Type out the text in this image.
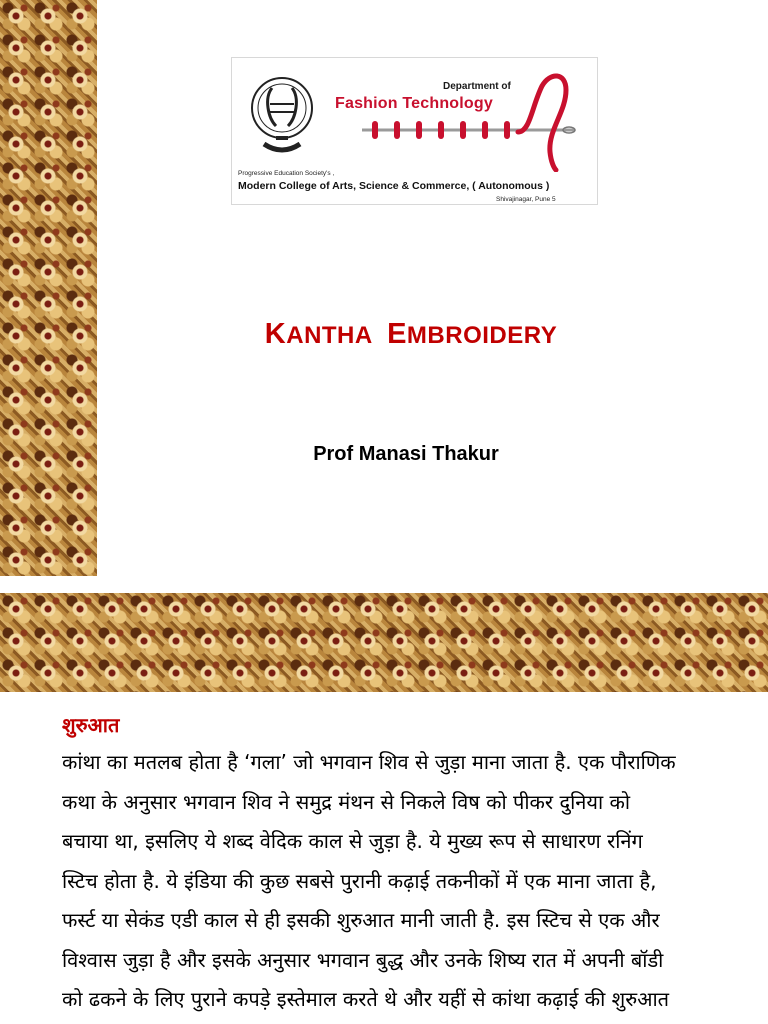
Department of
Fashion Technology
Progressive Education Society's ,
Modern College of Arts, Science & Commerce, ( Autonomous )
Shivajinagar, Pune 5
KANTHA EMBROIDERY
Prof Manasi Thakur
शुरुआत

कांथा का मतलब होता है ‘गला’ जो भगवान शिव से जुड़ा माना जाता है. एक पौराणिक
कथा के अनुसार भगवान शिव ने समुद्र मंथन से निकले विष को पीकर दुनिया को
बचाया था, इसलिए ये शब्द वेदिक काल से जुड़ा है. ये मुख्य रूप से साधारण रनिंग
स्टिच होता है. ये इंडिया की कुछ सबसे पुरानी कढ़ाई तकनीकों में एक माना जाता है,
फर्स्ट या सेकंड एडी काल से ही इसकी शुरुआत मानी जाती है. इस स्टिच से एक और
विश्वास जुड़ा है और इसके अनुसार भगवान बुद्ध और उनके शिष्य रात में अपनी बॉडी
को ढकने के लिए पुराने कपड़े इस्तेमाल करते थे और यहीं से कांथा कढ़ाई की शुरुआत
